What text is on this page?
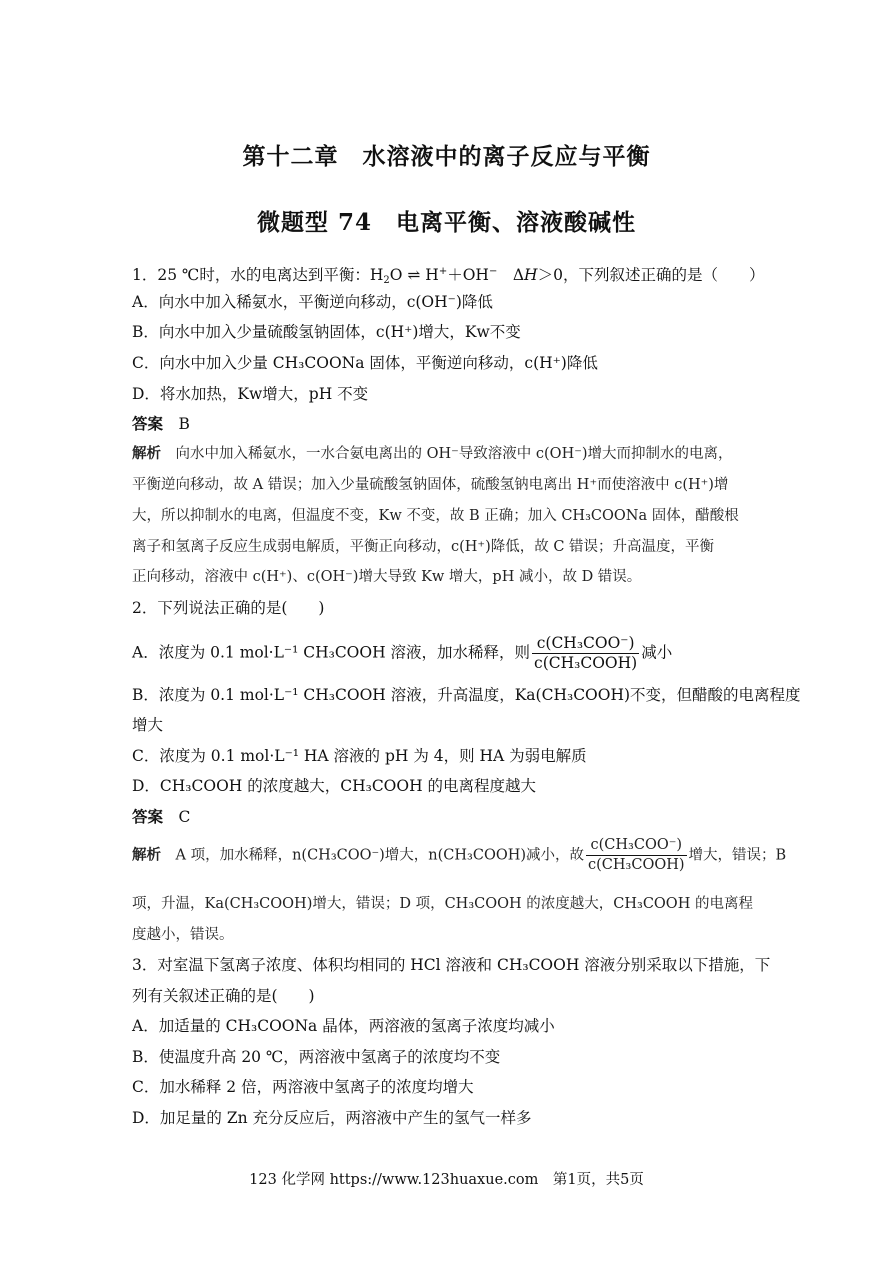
第十二章　水溶液中的离子反应与平衡
微题型 74　电离平衡、溶液酸碱性
1．25 ℃时，水的电离达到平衡：$H_2O$ ⇌ H+＋OH−　ΔH＞0，下列叙述正确的是（　　）
A．向水中加入稀氨水，平衡逆向移动，c(OH⁻)降低
B．向水中加入少量硫酸氢钠固体，c(H⁺)增大，Kw不变
C．向水中加入少量 CH₃COONa 固体，平衡逆向移动，c(H⁺)降低
D．将水加热，Kw增大，pH 不变
答案　 B
解析　 向水中加入稀氨水，一水合氨电离出的 OH⁻导致溶液中 c(OH⁻)增大而抑制水的电离，
平衡逆向移动，故 A 错误；加入少量硫酸氢钠固体，硫酸氢钠电离出 H⁺而使溶液中 c(H⁺)增
大，所以抑制水的电离，但温度不变，Kw 不变，故 B 正确；加入 CH₃COONa 固体，醋酸根
离子和氢离子反应生成弱电解质，平衡正向移动，c(H⁺)降低，故 C 错误；升高温度，平衡
正向移动，溶液中 c(H⁺)、c(OH⁻)增大导致 Kw 增大，pH 减小，故 D 错误。
2．下列说法正确的是(　　)
A．浓度为 0.1 mol·L⁻¹ CH₃COOH 溶液，加水稀释，则 $\frac{\text{c(CH₃COO⁻)}}{\text{c(CH₃COOH)}}$ 减小
B．浓度为 0.1 mol·L⁻¹ CH₃COOH 溶液，升高温度，Ka(CH₃COOH)不变，但醋酸的电离程度
增大
C．浓度为 0.1 mol·L⁻¹ HA 溶液的 pH 为 4，则 HA 为弱电解质
D．CH₃COOH 的浓度越大，CH₃COOH 的电离程度越大
答案　 C
解析　 A 项，加水稀释，n(CH₃COO⁻)增大，n(CH₃COOH)减小，故 $\frac{\text{c(CH₃COO⁻)}}{\text{c(CH₃COOH)}}$ 增大，错误；B
项，升温，Ka(CH₃COOH)增大，错误；D 项，CH₃COOH 的浓度越大，CH₃COOH 的电离程
度越小，错误。
3．对室温下氢离子浓度、体积均相同的 HCl 溶液和 CH₃COOH 溶液分别采取以下措施，下
列有关叙述正确的是(　　)
A．加适量的 CH₃COONa 晶体，两溶液的氢离子浓度均减小
B．使温度升高 20 ℃，两溶液中氢离子的浓度均不变
C．加水稀释 2 倍，两溶液中氢离子的浓度均增大
D．加足量的 Zn 充分反应后，两溶液中产生的氢气一样多
123 化学网 https://www.123huaxue.com　第1页，共5页
